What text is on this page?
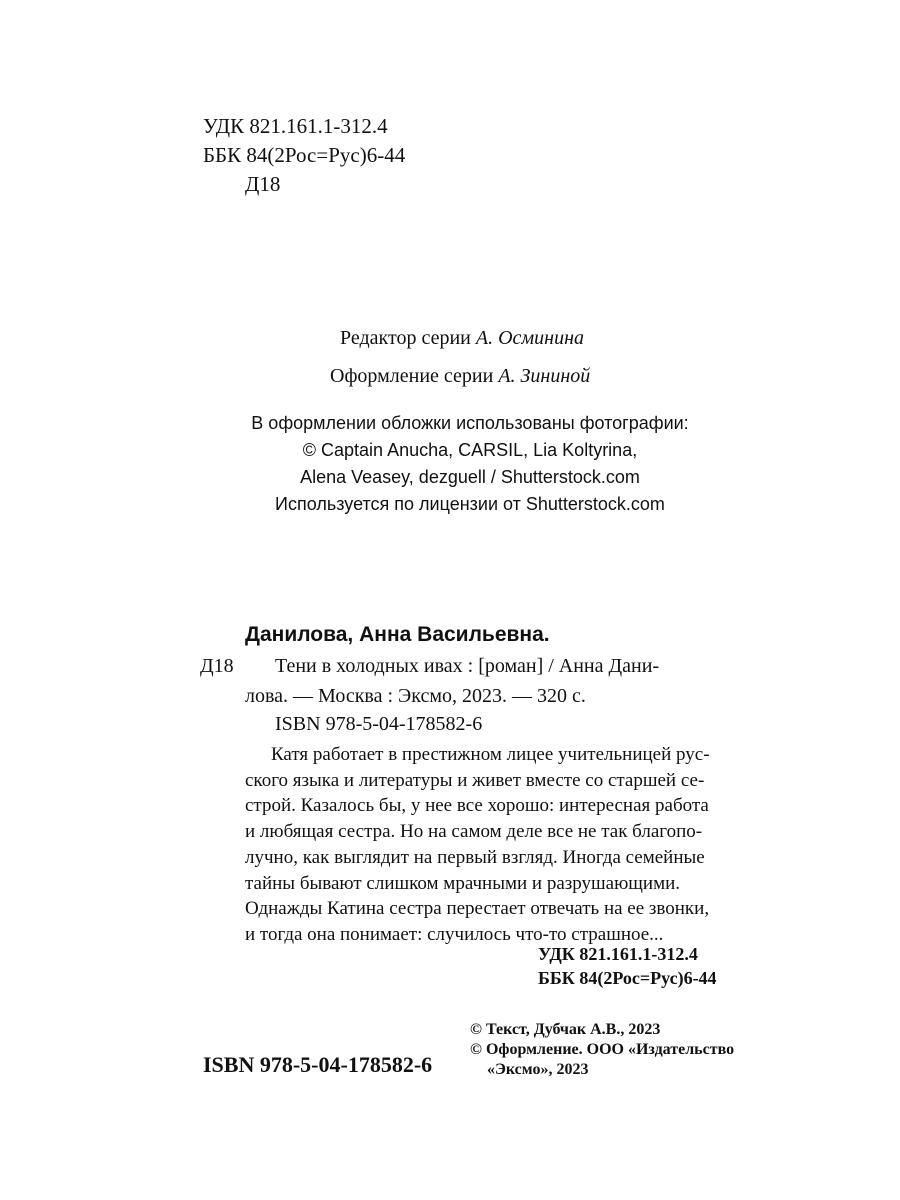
УДК 821.161.1-312.4
ББК 84(2Рос=Рус)6-44
Д18
Редактор серии А. Осминина
Оформление серии А. Зининой
В оформлении обложки использованы фотографии:
© Captain Anucha, CARSIL, Lia Koltyrina,
Alena Veasey, dezguell / Shutterstock.com
Используется по лицензии от Shutterstock.com
Данилова, Анна Васильевна.
Д18 Тени в холодных ивах : [роман] / Анна Дани-
лова. — Москва : Эксмо, 2023. — 320 с.
ISBN 978-5-04-178582-6
Катя работает в престижном лицее учительницей рус-
ского языка и литературы и живет вместе со старшей се-
строй. Казалось бы, у нее все хорошо: интересная работа
и любящая сестра. Но на самом деле все не так благопо-
лучно, как выглядит на первый взгляд. Иногда семейные
тайны бывают слишком мрачными и разрушающими.
Однажды Катина сестра перестает отвечать на ее звонки,
и тогда она понимает: случилось что-то страшное...
УДК 821.161.1-312.4
ББК 84(2Рос=Рус)6-44
ISBN 978-5-04-178582-6
© Текст, Дубчак А.В., 2023
© Оформление. ООО «Издательство
«Эксмо», 2023
